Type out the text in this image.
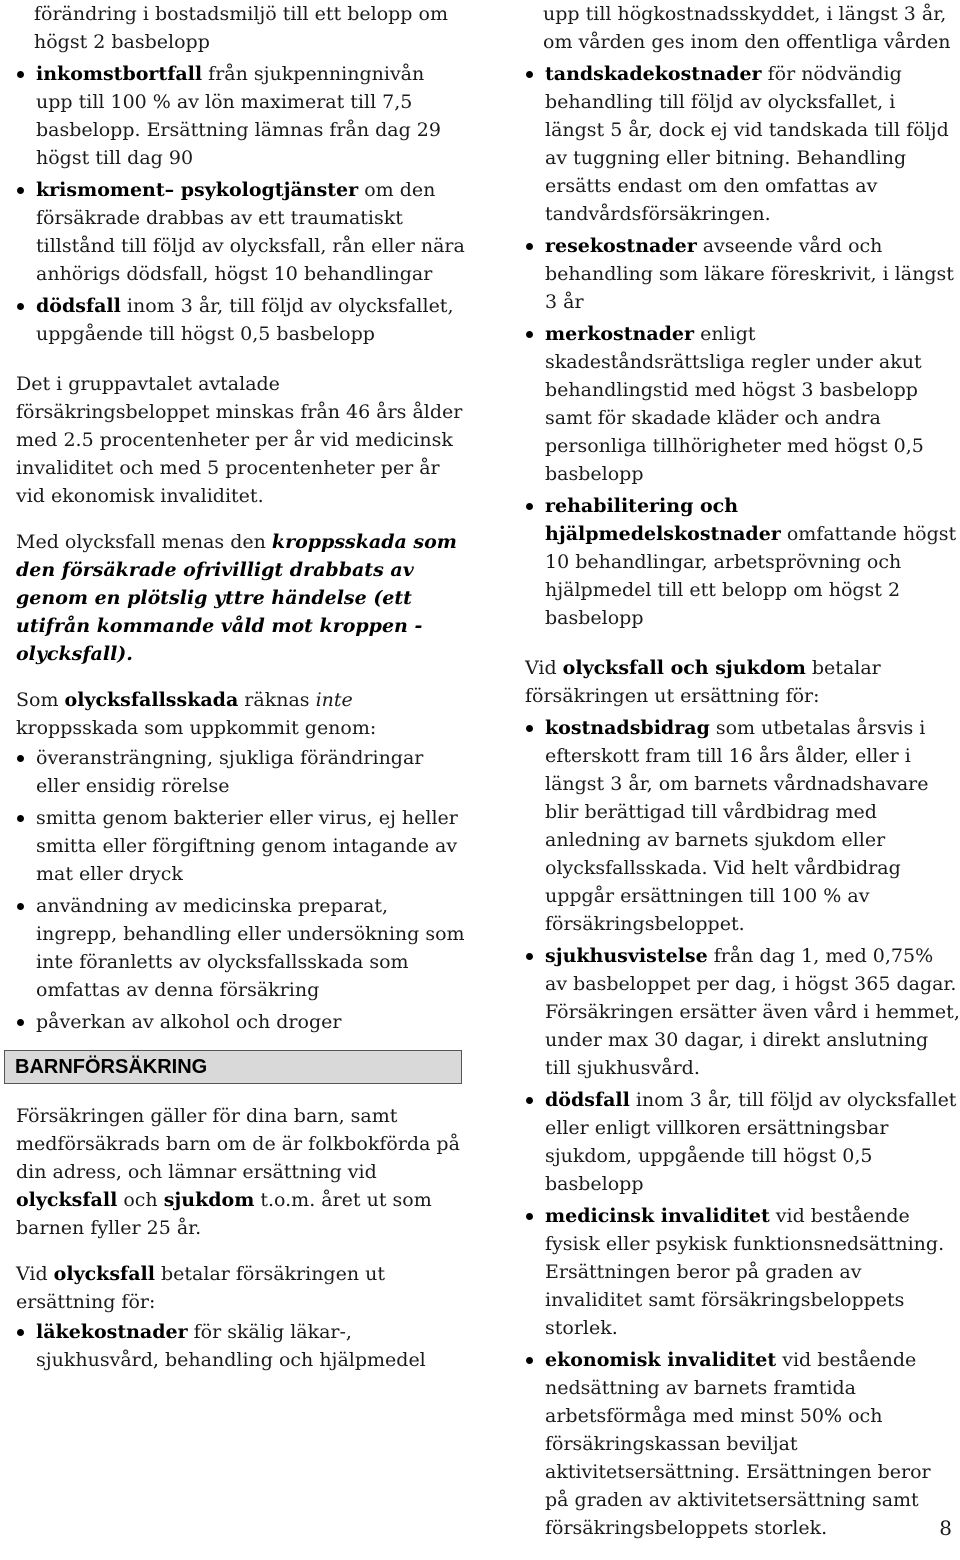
förändring i bostadsmiljö till ett belopp om högst 2 basbelopp
inkomstbortfall från sjukpenningnivån upp till 100 % av lön maximerat till 7,5 basbelopp. Ersättning lämnas från dag 29 högst till dag 90
krismoment– psykologtjänster om den försäkrade drabbas av ett traumatiskt tillstånd till följd av olycksfall, rån eller nära anhörigs dödsfall, högst 10 behandlingar
dödsfall inom 3 år, till följd av olycksfallet, uppgående till högst 0,5 basbelopp
Det i gruppavtalet avtalade försäkringsbeloppet minskas från 46 års ålder med 2.5 procentenheter per år vid medicinsk invaliditet och med 5 procentenheter per år vid ekonomisk invaliditet.
Med olycksfall menas den kroppsskada som den försäkrade ofrivilligt drabbats av genom en plötslig yttre händelse (ett utifrån kommande våld mot kroppen - olycksfall).
Som olycksfallsskada räknas inte kroppsskada som uppkommit genom:
överansträngning, sjukliga förändringar eller ensidig rörelse
smitta genom bakterier eller virus, ej heller smitta eller förgiftning genom intagande av mat eller dryck
användning av medicinska preparat, ingrepp, behandling eller undersökning som inte föranletts av olycksfallsskada som omfattas av denna försäkring
påverkan av alkohol och droger
BARNFÖRSÄKRING
Försäkringen gäller för dina barn, samt medförsäkrads barn om de är folkbokförda på din adress, och lämnar ersättning vid olycksfall och sjukdom t.o.m. året ut som barnen fyller 25 år.
Vid olycksfall betalar försäkringen ut ersättning för:
läkekostnader för skälig läkar-, sjukhusvård, behandling och hjälpmedel
upp till högkostnadsskyddet, i längst 3 år, om vården ges inom den offentliga vården
tandskadekostnader för nödvändig behandling till följd av olycksfallet, i längst 5 år, dock ej vid tandskada till följd av tuggning eller bitning. Behandling ersätts endast om den omfattas av tandvårdsförsäkringen.
resekostnader avseende vård och behandling som läkare föreskrivit, i längst 3 år
merkostnader enligt skadeståndsrättsliga regler under akut behandlingstid med högst 3 basbelopp samt för skadade kläder och andra personliga tillhörigheter med högst 0,5 basbelopp
rehabilitering och hjälpmedelskostnader omfattande högst 10 behandlingar, arbetsprövning och hjälpmedel till ett belopp om högst 2 basbelopp
Vid olycksfall och sjukdom betalar försäkringen ut ersättning för:
kostnadsbidrag som utbetalas årsvis i efterskott fram till 16 års ålder, eller i längst 3 år, om barnets vårdnadshavare blir berättigad till vårdbidrag med anledning av barnets sjukdom eller olycksfallsskada. Vid helt vårdbidrag uppgår ersättningen till 100 % av försäkringsbeloppet.
sjukhusvistelse från dag 1, med 0,75% av basbeloppet per dag, i högst 365 dagar. Försäkringen ersätter även vård i hemmet, under max 30 dagar, i direkt anslutning till sjukhusvård.
dödsfall inom 3 år, till följd av olycksfallet eller enligt villkoren ersättningsbar sjukdom, uppgående till högst 0,5 basbelopp
medicinsk invaliditet vid bestående fysisk eller psykisk funktionsnedsättning. Ersättningen beror på graden av invaliditet samt försäkringsbeloppets storlek.
ekonomisk invaliditet vid bestående nedsättning av barnets framtida arbetsförmåga med minst 50% och försäkringskassan beviljat aktivitetsersättning. Ersättningen beror på graden av aktivitetsersättning samt försäkringsbeloppets storlek.	8
